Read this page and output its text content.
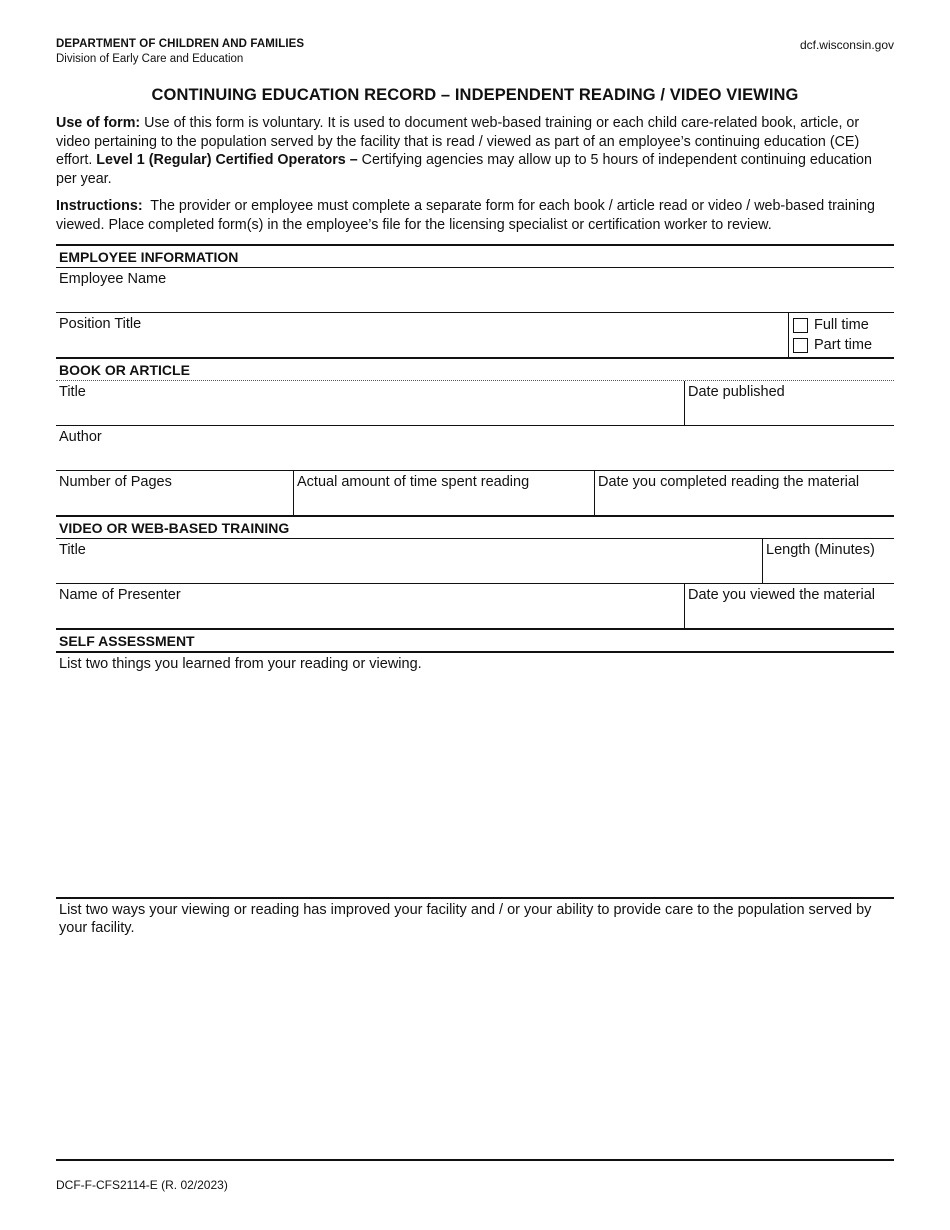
DEPARTMENT OF CHILDREN AND FAMILIES
Division of Early Care and Education
dcf.wisconsin.gov
CONTINUING EDUCATION RECORD – INDEPENDENT READING / VIDEO VIEWING
Use of form: Use of this form is voluntary. It is used to document web-based training or each child care-related book, article, or video pertaining to the population served by the facility that is read / viewed as part of an employee’s continuing education (CE) effort. Level 1 (Regular) Certified Operators – Certifying agencies may allow up to 5 hours of independent continuing education per year.
Instructions:  The provider or employee must complete a separate form for each book / article read or video / web-based training viewed. Place completed form(s) in the employee’s file for the licensing specialist or certification worker to review.
EMPLOYEE INFORMATION
Employee Name
Position Title	Full time
Part time
BOOK OR ARTICLE
Title	Date published
Author
Number of Pages	Actual amount of time spent reading	Date you completed reading the material
VIDEO OR WEB-BASED TRAINING
Title	Length (Minutes)
Name of Presenter	Date you viewed the material
SELF ASSESSMENT
List two things you learned from your reading or viewing.
List two ways your viewing or reading has improved your facility and / or your ability to provide care to the population served by your facility.
DCF-F-CFS2114-E (R. 02/2023)
